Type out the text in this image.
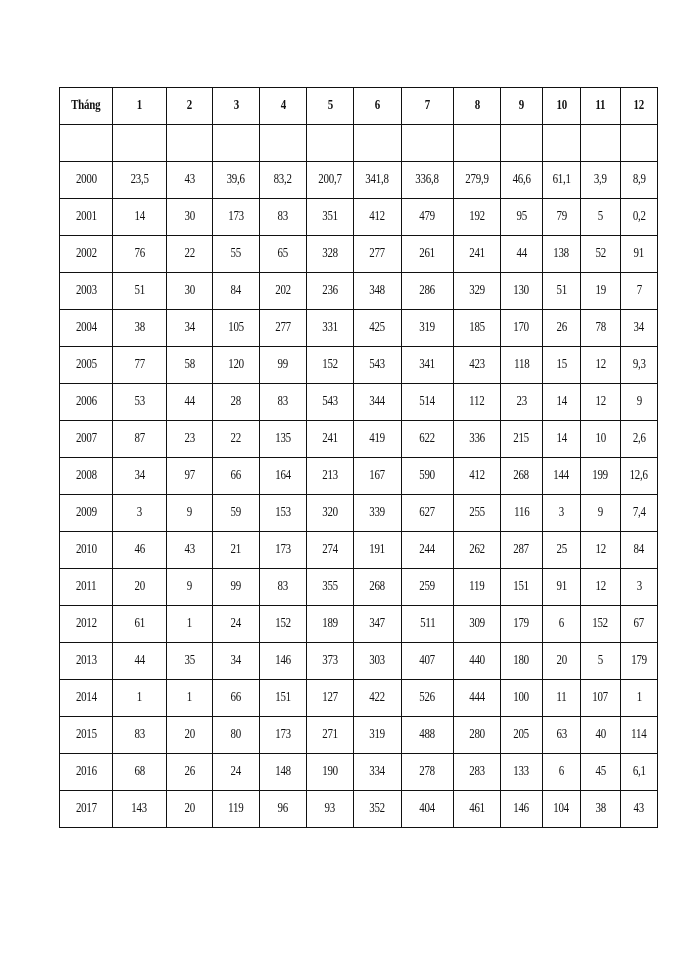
Tháng	1	2	3	4	5	6	7	8	9	10	11	12

2000	23,5	43	39,6	83,2	200,7	341,8	336,8	279,9	46,6	61,1	3,9	8,9
2001	14	30	173	83	351	412	479	192	95	79	5	0,2
2002	76	22	55	65	328	277	261	241	44	138	52	91
2003	51	30	84	202	236	348	286	329	130	51	19	7
2004	38	34	105	277	331	425	319	185	170	26	78	34
2005	77	58	120	99	152	543	341	423	118	15	12	9,3
2006	53	44	28	83	543	344	514	112	23	14	12	9
2007	87	23	22	135	241	419	622	336	215	14	10	2,6
2008	34	97	66	164	213	167	590	412	268	144	199	12,6
2009	3	9	59	153	320	339	627	255	116	3	9	7,4
2010	46	43	21	173	274	191	244	262	287	25	12	84
2011	20	9	99	83	355	268	259	119	151	91	12	3
2012	61	1	24	152	189	347	511	309	179	6	152	67
2013	44	35	34	146	373	303	407	440	180	20	5	179
2014	1	1	66	151	127	422	526	444	100	11	107	1
2015	83	20	80	173	271	319	488	280	205	63	40	114
2016	68	26	24	148	190	334	278	283	133	6	45	6,1
2017	143	20	119	96	93	352	404	461	146	104	38	43
